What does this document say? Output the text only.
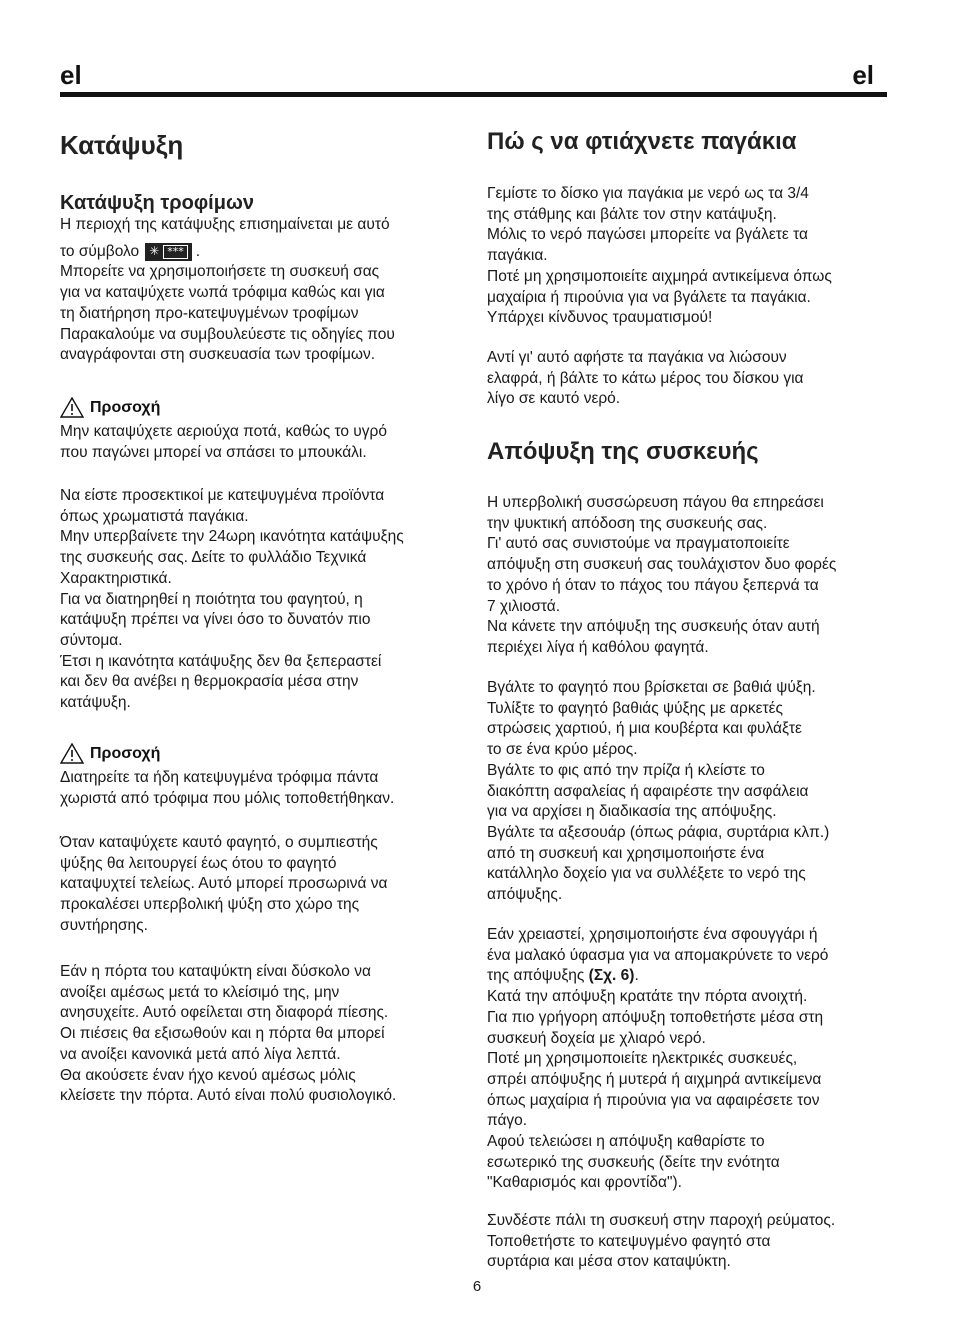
el	el
Κατάψυξη
Κατάψυξη τροφίμων

Η περιοχή της κατάψυξης επισημαίνεται με αυτό

το σύμβολο ✳ *** .

Μπορείτε να χρησιμοποιήσετε τη συσκευή σας

για να καταψύχετε νωπά τρόφιμα καθώς και για

τη διατήρηση προ-κατεψυγμένων τροφίμων

Παρακαλούμε να συμβουλεύεστε τις οδηγίες που

αναγράφονται στη συσκευασία των τροφίμων.

Προσοχή

Μην καταψύχετε αεριούχα ποτά, καθώς το υγρό

που παγώνει μπορεί να σπάσει το μπουκάλι.

Να είστε προσεκτικοί με κατεψυγμένα προϊόντα

όπως χρωματιστά παγάκια.

Μην υπερβαίνετε την 24ωρη ικανότητα κατάψυξης

της συσκευής σας. Δείτε το φυλλάδιο Τεχνικά

Χαρακτηριστικά.

Για να διατηρηθεί η ποιότητα του φαγητού, η

κατάψυξη πρέπει να γίνει όσο το δυνατόν πιο

σύντομα.

Έτσι η ικανότητα κατάψυξης δεν θα ξεπεραστεί

και δεν θα ανέβει η θερμοκρασία μέσα στην

κατάψυξη.

Προσοχή

Διατηρείτε τα ήδη κατεψυγμένα τρόφιμα πάντα

χωριστά από τρόφιμα που μόλις τοποθετήθηκαν.

Όταν καταψύχετε καυτό φαγητό, ο συμπιεστής

ψύξης θα λειτουργεί έως ότου το φαγητό

καταψυχτεί τελείως. Αυτό μπορεί προσωρινά να

προκαλέσει υπερβολική ψύξη στο χώρο της

συντήρησης.

Εάν η πόρτα του καταψύκτη είναι δύσκολο να

ανοίξει αμέσως μετά το κλείσιμό της, μην

ανησυχείτε. Αυτό οφείλεται στη διαφορά πίεσης.

Οι πιέσεις θα εξισωθούν και η πόρτα θα μπορεί

να ανοίξει κανονικά μετά από λίγα λεπτά.

Θα ακούσετε έναν ήχο κενού αμέσως μόλις

κλείσετε την πόρτα. Αυτό είναι πολύ φυσιολογικό.

Πώ ς να φτιάχνετε παγάκια

Γεμίστε το δίσκο για παγάκια με νερό ως τα 3/4

της στάθμης και βάλτε τον στην κατάψυξη.

Μόλις το νερό παγώσει μπορείτε να βγάλετε τα

παγάκια.

Ποτέ μη χρησιμοποιείτε αιχμηρά αντικείμενα όπως

μαχαίρια ή πιρούνια για να βγάλετε τα παγάκια.

Υπάρχει κίνδυνος τραυματισμού!

Αντί γι' αυτό αφήστε τα παγάκια να λιώσουν

ελαφρά, ή βάλτε το κάτω μέρος του δίσκου για

λίγο σε καυτό νερό.

Απόψυξη της συσκευής

Η υπερβολική συσσώρευση πάγου θα επηρεάσει

την ψυκτική απόδοση της συσκευής σας.

Γι' αυτό σας συνιστούμε να πραγματοποιείτε

απόψυξη στη συσκευή σας τουλάχιστον δυο φορές

το χρόνο ή όταν το πάχος του πάγου ξεπερνά τα

7 χιλιοστά.

Να κάνετε την απόψυξη της συσκευής όταν αυτή

περιέχει λίγα ή καθόλου φαγητά.

Βγάλτε το φαγητό που βρίσκεται σε βαθιά ψύξη.

Τυλίξτε το φαγητό βαθιάς ψύξης με αρκετές

στρώσεις χαρτιού, ή μια κουβέρτα και φυλάξτε

το σε ένα κρύο μέρος.

Βγάλτε το φις από την πρίζα ή κλείστε το

διακόπτη ασφαλείας ή αφαιρέστε την ασφάλεια

για να αρχίσει η διαδικασία της απόψυξης.

Βγάλτε τα αξεσουάρ (όπως ράφια, συρτάρια κλπ.)

από τη συσκευή και χρησιμοποιήστε ένα

κατάλληλο δοχείο για να συλλέξετε το νερό της

απόψυξης.

Εάν χρειαστεί, χρησιμοποιήστε ένα σφουγγάρι ή

ένα μαλακό ύφασμα για να απομακρύνετε το νερό

της απόψυξης (Σχ. 6).

Κατά την απόψυξη κρατάτε την πόρτα ανοιχτή.

Για πιο γρήγορη απόψυξη τοποθετήστε μέσα στη

συσκευή δοχεία με χλιαρό νερό.

Ποτέ μη χρησιμοποιείτε ηλεκτρικές συσκευές,

σπρέι απόψυξης ή μυτερά ή αιχμηρά αντικείμενα

όπως μαχαίρια ή πιρούνια για να αφαιρέσετε τον

πάγο.

Αφού τελειώσει η απόψυξη καθαρίστε το

εσωτερικό της συσκευής (δείτε την ενότητα

"Καθαρισμός και φροντίδα").

Συνδέστε πάλι τη συσκευή στην παροχή ρεύματος.

Τοποθετήστε το κατεψυγμένο φαγητό στα

συρτάρια και μέσα στον καταψύκτη.

6
